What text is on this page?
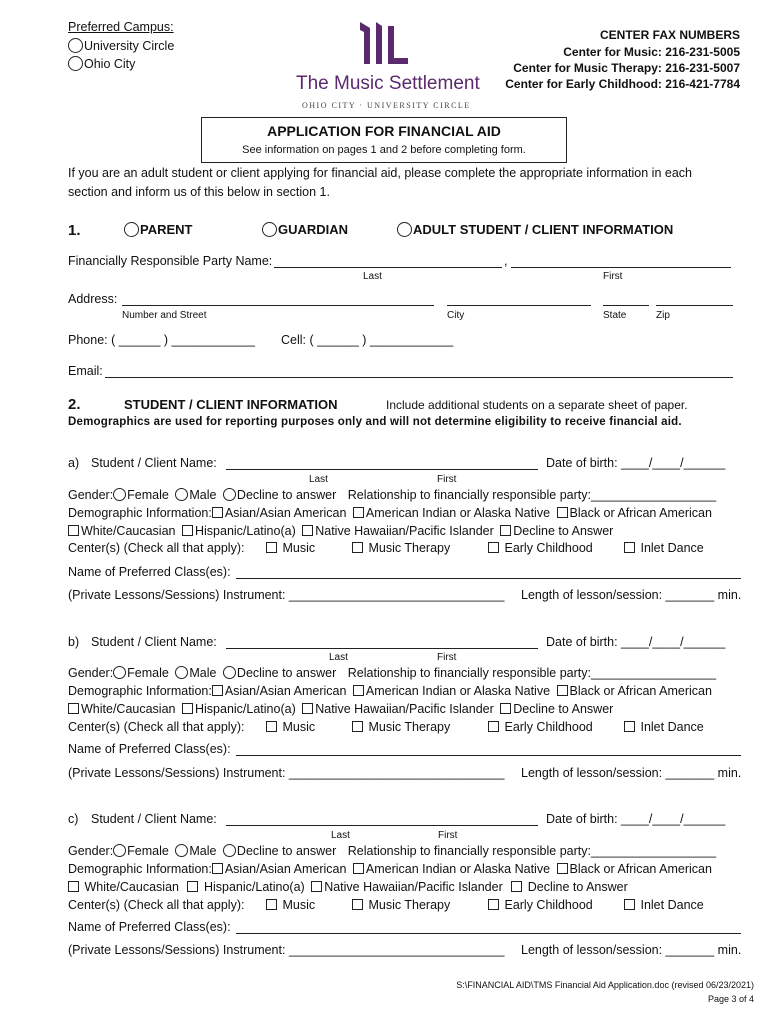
Preferred Campus:
University Circle
Ohio City
The Music Settlement
OHIO CITY · UNIVERSITY CIRCLE
CENTER FAX NUMBERS
Center for Music: 216-231-5005
Center for Music Therapy: 216-231-5007
Center for Early Childhood: 216-421-7784
APPLICATION FOR FINANCIAL AID
See information on pages 1 and 2 before completing form.
If you are an adult student or client applying for financial aid, please complete the appropriate information in each
section and inform us of this below in section 1.
1.	PARENT	GUARDIAN	ADULT STUDENT / CLIENT INFORMATION
Financially Responsible Party Name:	,
Last	First
Address:
Number and Street	City	State	Zip
Phone: ( ______ ) ____________ Cell: ( ______ ) ____________
Email:
2.	STUDENT / CLIENT INFORMATION	Include additional students on a separate sheet of paper.
Demographics are used for reporting purposes only and will not determine eligibility to receive financial aid.
a) Student / Client Name:	Date of birth: ____/____/______
Last	First
Gender: Female Male Decline to answer Relationship to financially responsible party:__________________
Demographic Information: Asian/Asian American American Indian or Alaska Native Black or African American
White/Caucasian Hispanic/Latino(a) Native Hawaiian/Pacific Islander Decline to Answer
Center(s) (Check all that apply):	Music	Music Therapy	Early Childhood	Inlet Dance
Name of Preferred Class(es):
(Private Lessons/Sessions) Instrument: _______________________________ Length of lesson/session: _______ min.
b) Student / Client Name:	Date of birth: ____/____/______
Last	First
Gender: Female Male Decline to answer Relationship to financially responsible party:__________________
Demographic Information: Asian/Asian American American Indian or Alaska Native Black or African American
White/Caucasian Hispanic/Latino(a) Native Hawaiian/Pacific Islander Decline to Answer
Center(s) (Check all that apply):	Music	Music Therapy	Early Childhood	Inlet Dance
Name of Preferred Class(es):
(Private Lessons/Sessions) Instrument: _______________________________ Length of lesson/session: _______ min.
c) Student / Client Name:	Date of birth: ____/____/______
Last	First
Gender: Female Male Decline to answer Relationship to financially responsible party:__________________
Demographic Information: Asian/Asian American American Indian or Alaska Native Black or African American
White/Caucasian Hispanic/Latino(a) Native Hawaiian/Pacific Islander Decline to Answer
Center(s) (Check all that apply):	Music	Music Therapy	Early Childhood	Inlet Dance
Name of Preferred Class(es):
(Private Lessons/Sessions) Instrument: _______________________________ Length of lesson/session: _______ min.
S:\FINANCIAL AID\TMS Financial Aid Application.doc (revised 06/23/2021)
Page 3 of 4
